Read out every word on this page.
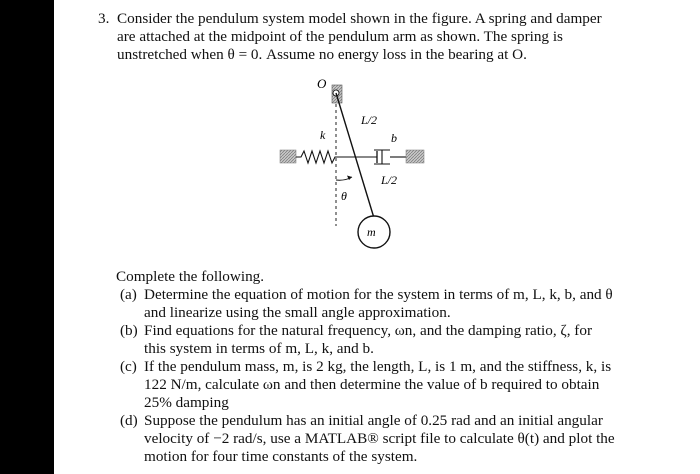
3. Consider the pendulum system model shown in the figure. A spring and damper
are attached at the midpoint of the pendulum arm as shown. The spring is
unstretched when θ = 0. Assume no energy loss in the bearing at O.
O
L/2
L/2
k	b
θ
m
Complete the following.
(a) Determine the equation of motion for the system in terms of m, L, k, b, and θ
and linearize using the small angle approximation.
(b) Find equations for the natural frequency, ωn, and the damping ratio, ζ, for
this system in terms of m, L, k, and b.
(c) If the pendulum mass, m, is 2 kg, the length, L, is 1 m, and the stiffness, k, is
122 N/m, calculate ωn and then determine the value of b required to obtain
25% damping
(d) Suppose the pendulum has an initial angle of 0.25 rad and an initial angular
velocity of −2 rad/s, use a MATLAB® script file to calculate θ(t) and plot the
motion for four time constants of the system.
